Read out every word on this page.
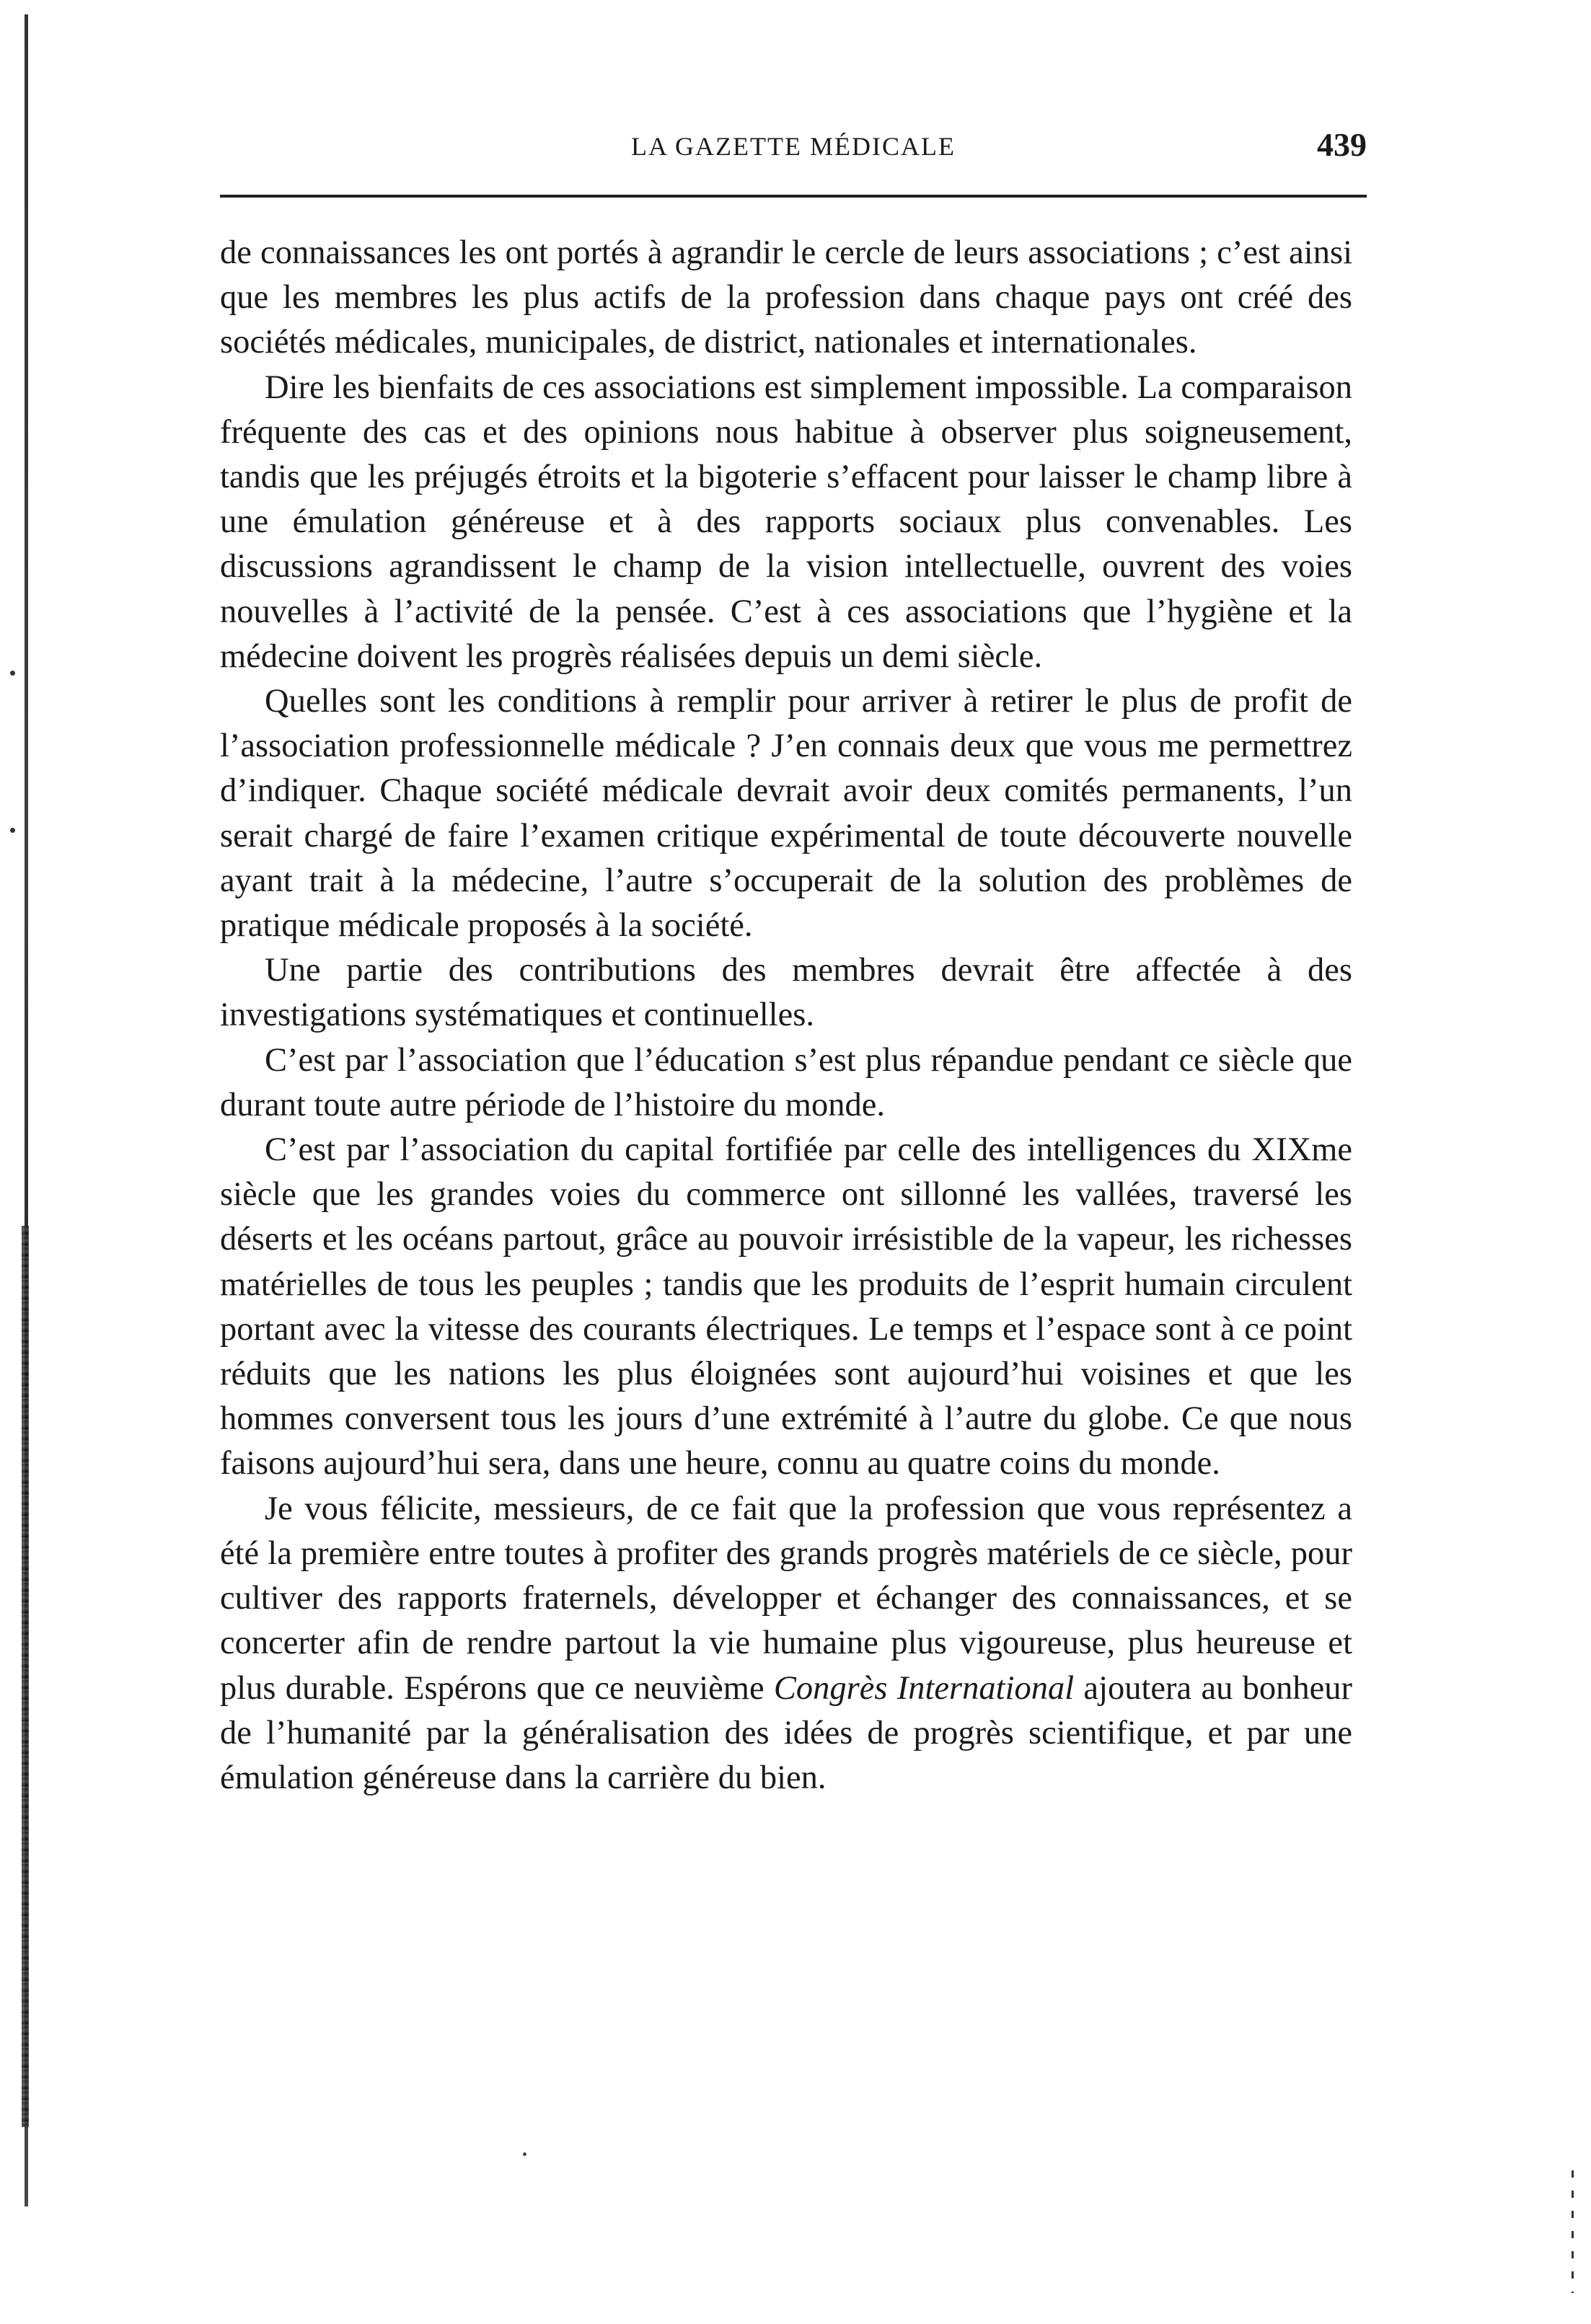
LA GAZETTE MÉDICALE	439

de connaissances les ont portés à agrandir le cercle de leurs associations ; c’est ainsi que les membres les plus actifs de la profession dans chaque pays ont créé des sociétés médicales, municipales, de district, nationales et internationales.

Dire les bienfaits de ces associations est simplement impossible. La comparaison fréquente des cas et des opinions nous habitue à observer plus soigneusement, tandis que les préjugés étroits et la bigoterie s’effacent pour laisser le champ libre à une émulation généreuse et à des rapports sociaux plus convenables. Les discussions agrandissent le champ de la vision intellectuelle, ouvrent des voies nouvelles à l’activité de la pensée. C’est à ces associations que l’hygiène et la médecine doivent les progrès réalisées depuis un demi siècle.

Quelles sont les conditions à remplir pour arriver à retirer le plus de profit de l’association professionnelle médicale ? J’en connais deux que vous me permettrez d’indiquer. Chaque société médicale devrait avoir deux comités permanents, l’un serait chargé de faire l’examen critique expérimental de toute découverte nouvelle ayant trait à la médecine, l’autre s’occuperait de la solution des problèmes de pratique médicale proposés à la société.

Une partie des contributions des membres devrait être affectée à des investigations systématiques et continuelles.

C’est par l’association que l’éducation s’est plus répandue pendant ce siècle que durant toute autre période de l’histoire du monde.

C’est par l’association du capital fortifiée par celle des intelligences du XIXme siècle que les grandes voies du commerce ont sillonné les vallées, traversé les déserts et les océans partout, grâce au pouvoir irrésistible de la vapeur, les richesses matérielles de tous les peuples ; tandis que les produits de l’esprit humain circulent portant avec la vitesse des courants électriques. Le temps et l’espace sont à ce point réduits que les nations les plus éloignées sont aujourd’hui voisines et que les hommes conversent tous les jours d’une extrémité à l’autre du globe. Ce que nous faisons aujourd’hui sera, dans une heure, connu au quatre coins du monde.

Je vous félicite, messieurs, de ce fait que la profession que vous représentez a été la première entre toutes à profiter des grands progrès matériels de ce siècle, pour cultiver des rapports fraternels, développer et échanger des connaissances, et se concerter afin de rendre partout la vie humaine plus vigoureuse, plus heureuse et plus durable. Espérons que ce neuvième Congrès International ajoutera au bonheur de l’humanité par la généralisation des idées de progrès scientifique, et par une émulation généreuse dans la carrière du bien.
